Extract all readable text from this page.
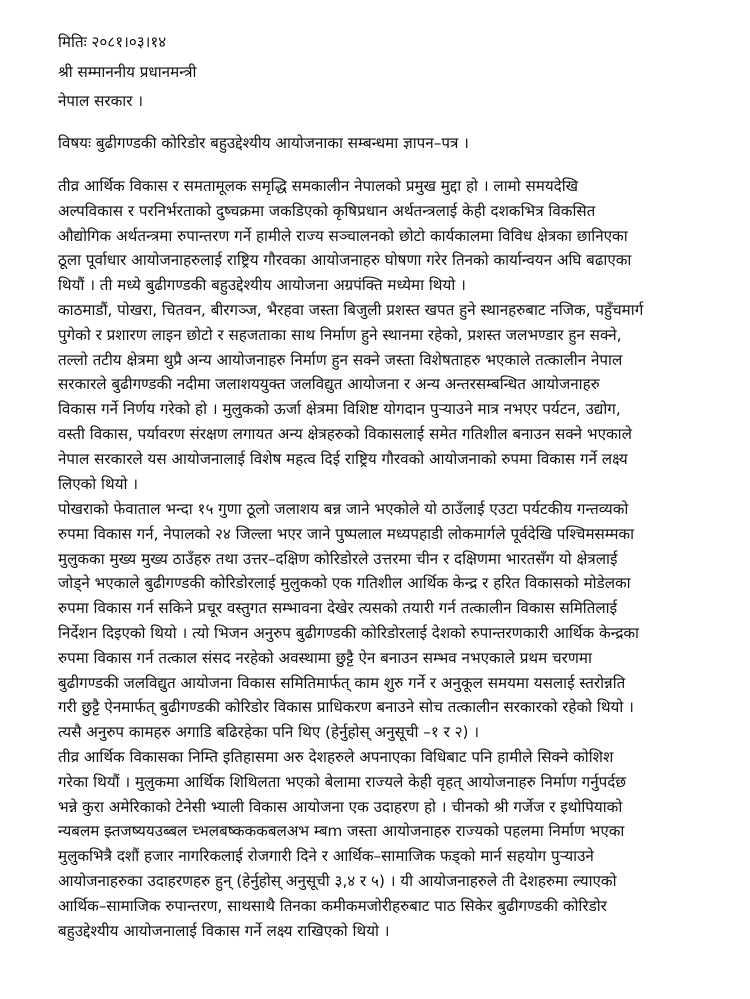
मितिः २०८१।०३।१४
श्री सम्माननीय प्रधानमन्त्री
नेपाल सरकार ।
विषयः बुढीगण्डकी कोरिडोर बहुउद्देश्यीय आयोजनाका सम्बन्धमा ज्ञापन–पत्र ।
तीव्र आर्थिक विकास र समतामूलक समृद्धि समकालीन नेपालको प्रमुख मुद्दा हो । लामो समयदेखि
अल्पविकास र परनिर्भरताको दुष्चक्रमा जकडिएको कृषिप्रधान अर्थतन्त्रलाई केही दशकभित्र विकसित
औद्योगिक अर्थतन्त्रमा रुपान्तरण गर्ने हामीले राज्य सञ्चालनको छोटो कार्यकालमा विविध क्षेत्रका छानिएका
ठूला पूर्वाधार आयोजनाहरुलाई राष्ट्रिय गौरवका आयोजनाहरु घोषणा गरेर तिनको कार्यान्वयन अघि बढाएका
थियौं । ती मध्ये बुढीगण्डकी बहुउद्देश्यीय आयोजना अग्रपंक्ति मध्येमा थियो ।
काठमाडौं, पोखरा, चितवन, बीरगञ्ज, भैरहवा जस्ता बिजुली प्रशस्त खपत हुने स्थानहरुबाट नजिक, पहुँचमार्ग
पुगेको र प्रशारण लाइन छोटो र सहजताका साथ निर्माण हुने स्थानमा रहेको, प्रशस्त जलभण्डार हुन सक्ने,
तल्लो तटीय क्षेत्रमा थुप्रै अन्य आयोजनाहरु निर्माण हुन सक्ने जस्ता विशेषताहरु भएकाले तत्कालीन नेपाल
सरकारले बुढीगण्डकी नदीमा जलाशययुक्त जलविद्युत आयोजना र अन्य अन्तरसम्बन्धित आयोजनाहरु
विकास गर्ने निर्णय गरेको हो । मुलुकको ऊर्जा क्षेत्रमा विशिष्ट योगदान पुर्‍याउने मात्र नभएर पर्यटन, उद्योग,
वस्ती विकास, पर्यावरण संरक्षण लगायत अन्य क्षेत्रहरुको विकासलाई समेत गतिशील बनाउन सक्ने भएकाले
नेपाल सरकारले यस आयोजनालाई विशेष महत्व दिई राष्ट्रिय गौरवको आयोजनाको रुपमा विकास गर्ने लक्ष्य
लिएको थियो ।
पोखराको फेवाताल भन्दा १५ गुणा ठूलो जलाशय बन्न जाने भएकोले यो ठाउँलाई एउटा पर्यटकीय गन्तव्यको
रुपमा विकास गर्न, नेपालको २४ जिल्ला भएर जाने पुष्पलाल मध्यपहाडी लोकमार्गले पूर्वदेखि पश्चिमसम्मका
मुलुकका मुख्य मुख्य ठाउँहरु तथा उत्तर–दक्षिण कोरिडोरले उत्तरमा चीन र दक्षिणमा भारतसँग यो क्षेत्रलाई
जोड्ने भएकाले बुढीगण्डकी कोरिडोरलाई मुलुकको एक गतिशील आर्थिक केन्द्र र हरित विकासको मोडेलका
रुपमा विकास गर्न सकिने प्रचूर वस्तुगत सम्भावना देखेर त्यसको तयारी गर्न तत्कालीन विकास समितिलाई
निर्देशन दिइएको थियो । त्यो भिजन अनुरुप बुढीगण्डकी कोरिडोरलाई देशको रुपान्तरणकारी आर्थिक केन्द्रका
रुपमा विकास गर्न तत्काल संसद नरहेको अवस्थामा छुट्टै ऐन बनाउन सम्भव नभएकाले प्रथम चरणमा
बुढीगण्डकी जलविद्युत आयोजना विकास समितिमार्फत् काम शुरु गर्ने र अनुकूल समयमा यसलाई स्तरोन्नति
गरी छुट्टै ऐनमार्फत् बुढीगण्डकी कोरिडोर विकास प्राधिकरण बनाउने सोच तत्कालीन सरकारको रहेको थियो ।
त्यसै अनुरुप कामहरु अगाडि बढिरहेका पनि थिए (हेर्नुहोस् अनुसूची –१ र २) ।
तीव्र आर्थिक विकासका निम्ति इतिहासमा अरु देशहरुले अपनाएका विधिबाट पनि हामीले सिक्ने कोशिश
गरेका थियौं । मुलुकमा आर्थिक शिथिलता भएको बेलामा राज्यले केही वृहत् आयोजनाहरु निर्माण गर्नुपर्दछ
भन्ने कुरा अमेरिकाको टेनेसी भ्याली विकास आयोजना एक उदाहरण हो । चीनको श्री गर्जेज र इथोपियाको
न्यबलम झ्तजष्ययउब्बल च्भलबष्कककबलअभ म्बm जस्ता आयोजनाहरु राज्यको पहलमा निर्माण भएका
मुलुकभित्रै दशौं हजार नागरिकलाई रोजगारी दिने र आर्थिक–सामाजिक फड्को मार्न सहयोग पुर्‍याउने
आयोजनाहरुका उदाहरणहरु हुन् (हेर्नुहोस् अनुसूची ३,४ र ५) । यी आयोजनाहरुले ती देशहरुमा ल्याएको
आर्थिक–सामाजिक रुपान्तरण, साथसाथै तिनका कमीकमजोरीहरुबाट पाठ सिकेर बुढीगण्डकी कोरिडोर
बहुउद्देश्यीय आयोजनालाई विकास गर्ने लक्ष्य राखिएको थियो ।
